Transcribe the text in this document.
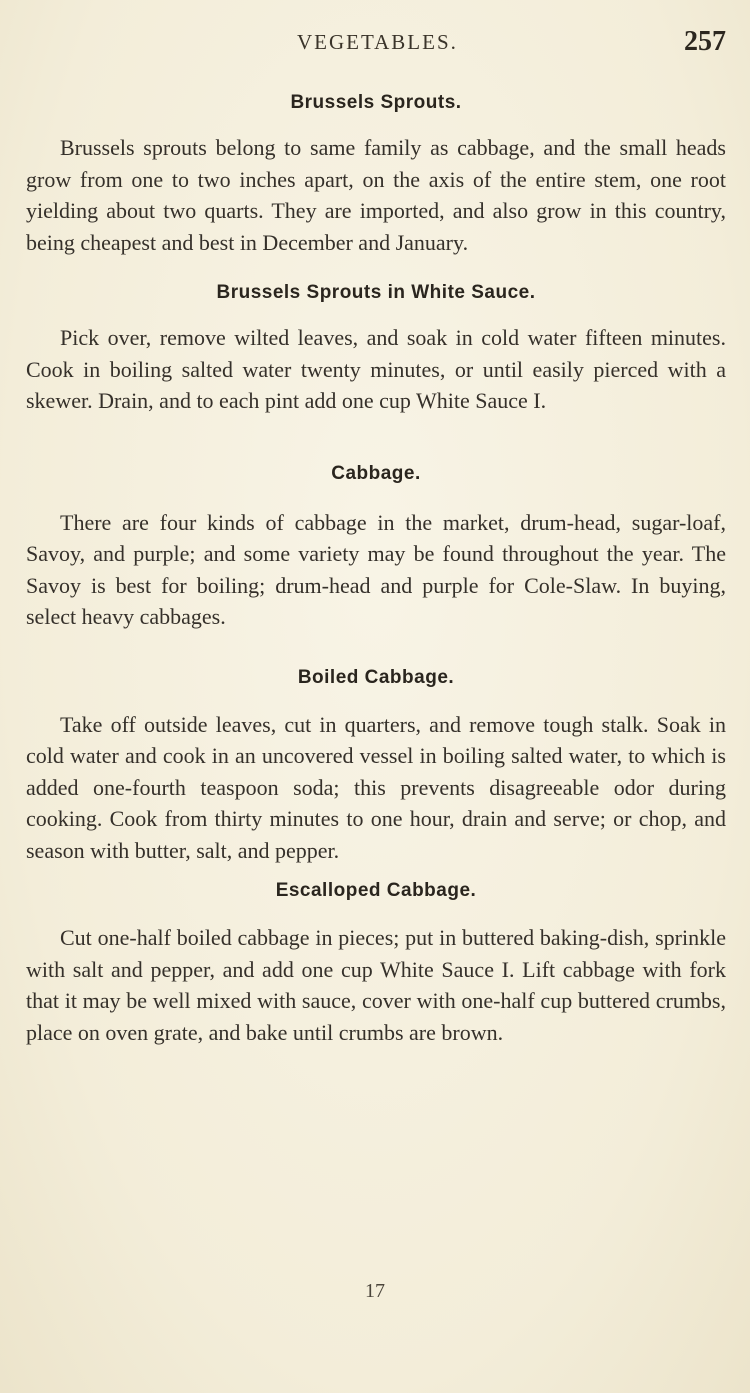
VEGETABLES.	257
Brussels Sprouts.

Brussels sprouts belong to same family as cabbage, and the small heads grow from one to two inches apart, on the axis of the entire stem, one root yielding about two quarts. They are imported, and also grow in this country, being cheapest and best in December and January.

Brussels Sprouts in White Sauce.

Pick over, remove wilted leaves, and soak in cold water fifteen minutes. Cook in boiling salted water twenty minutes, or until easily pierced with a skewer. Drain, and to each pint add one cup White Sauce I.

Cabbage.

There are four kinds of cabbage in the market, drum-head, sugar-loaf, Savoy, and purple; and some variety may be found throughout the year. The Savoy is best for boiling; drum-head and purple for Cole-Slaw. In buying, select heavy cabbages.

Boiled Cabbage.

Take off outside leaves, cut in quarters, and remove tough stalk. Soak in cold water and cook in an uncovered vessel in boiling salted water, to which is added one-fourth teaspoon soda; this prevents disagreeable odor during cooking. Cook from thirty minutes to one hour, drain and serve; or chop, and season with butter, salt, and pepper.

Escalloped Cabbage.

Cut one-half boiled cabbage in pieces; put in buttered baking-dish, sprinkle with salt and pepper, and add one cup White Sauce I. Lift cabbage with fork that it may be well mixed with sauce, cover with one-half cup buttered crumbs, place on oven grate, and bake until crumbs are brown.

17
